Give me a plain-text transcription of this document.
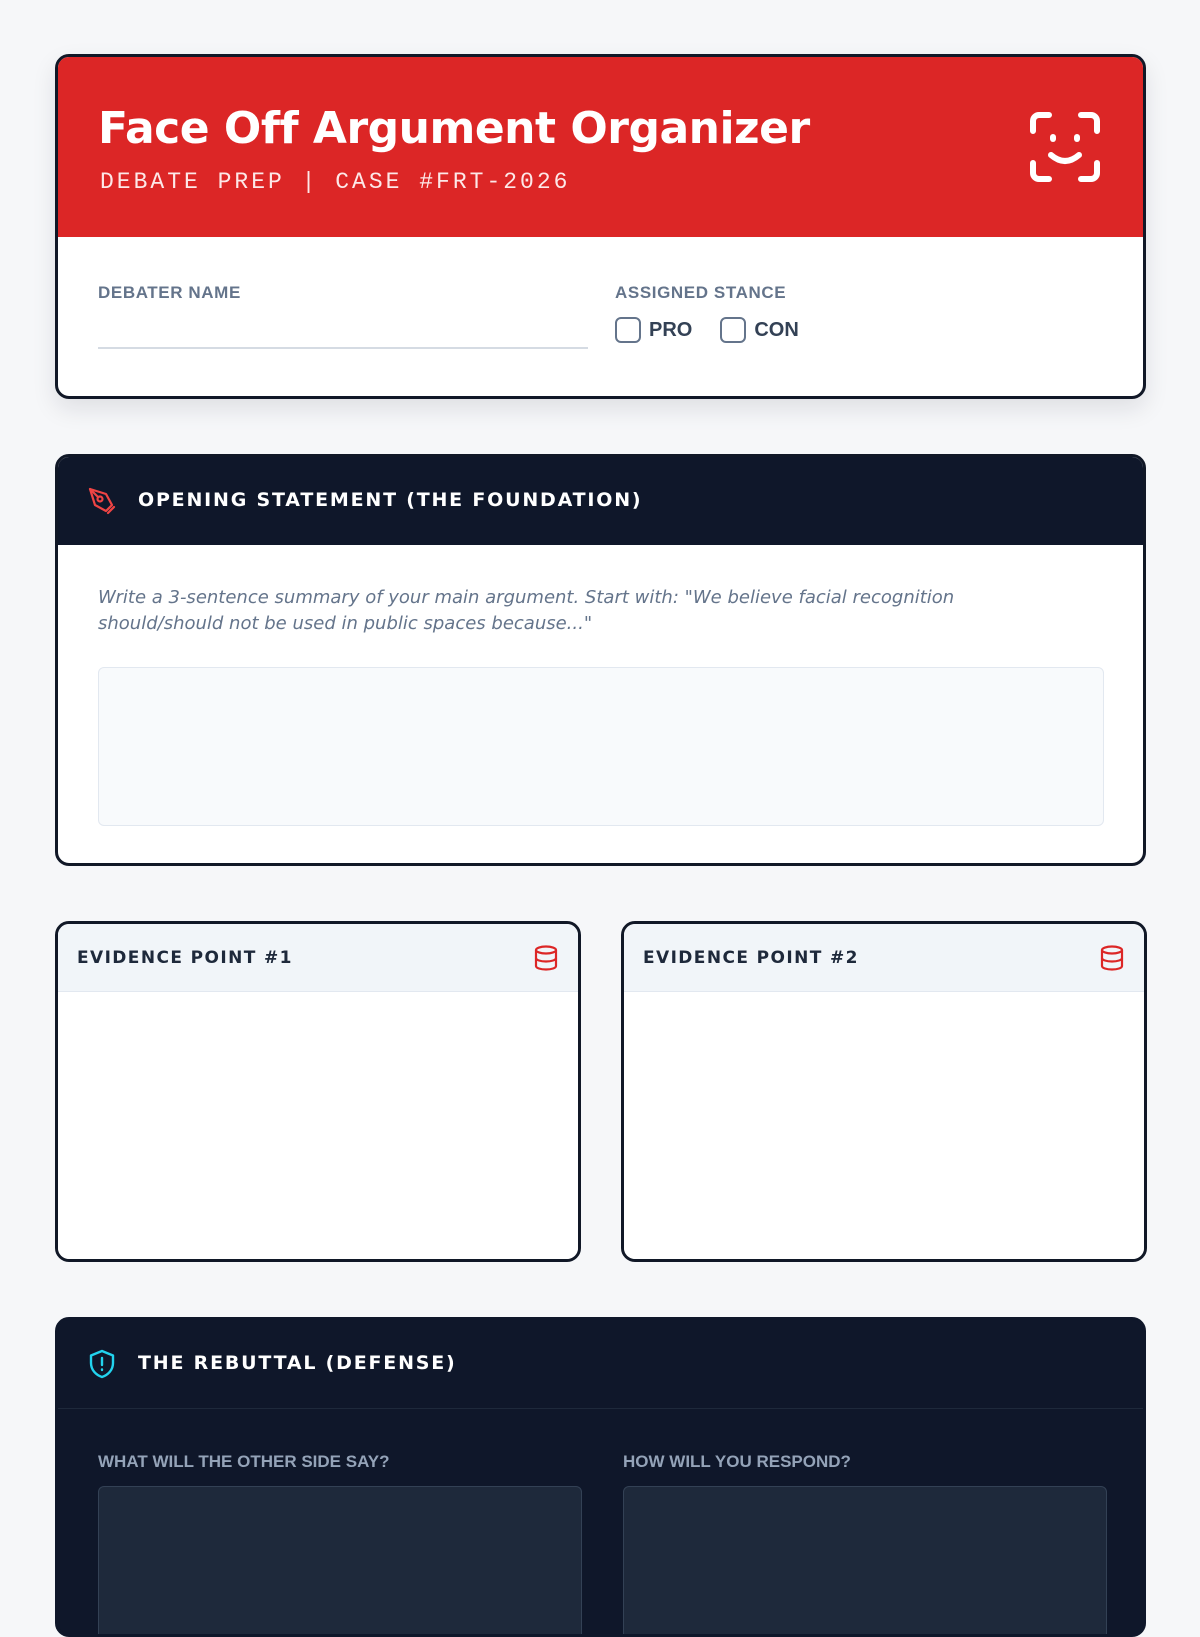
Face Off Argument Organizer
DEBATE PREP | CASE #FRT-2026
DEBATER NAME	ASSIGNED STANCE
PRO	CON
OPENING STATEMENT (THE FOUNDATION)

Write a 3-sentence summary of your main argument. Start with: "We believe facial recognition should/should not be used in public spaces because..."

EVIDENCE POINT #1	EVIDENCE POINT #2
THE REBUTTAL (DEFENSE)
WHAT WILL THE OTHER SIDE SAY?	HOW WILL YOU RESPOND?
